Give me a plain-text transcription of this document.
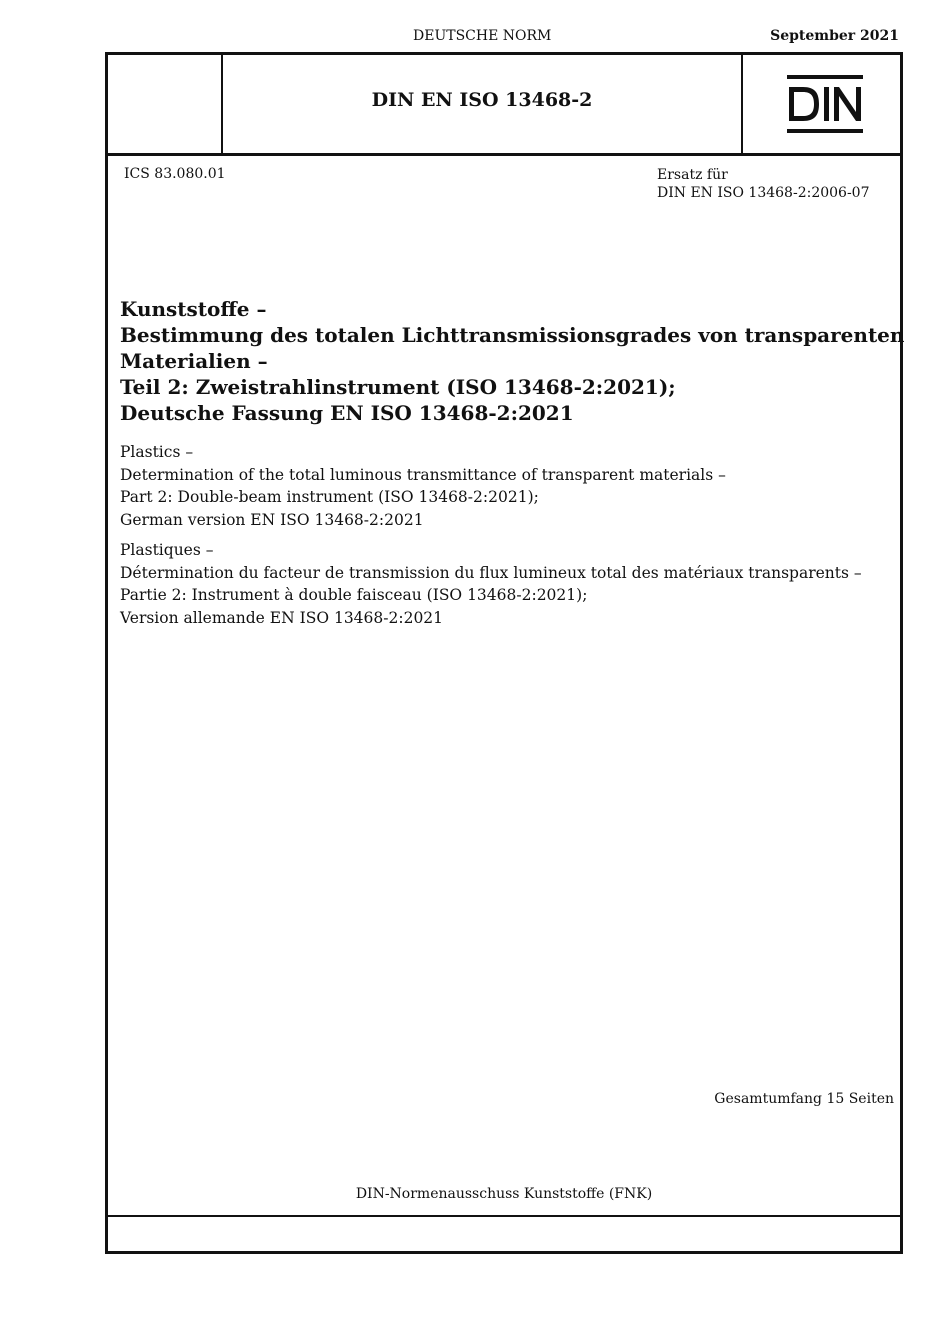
DEUTSCHE NORM	September 2021
DIN EN ISO 13468-2
ICS 83.080.01	Ersatz für
DIN EN ISO 13468-2:2006-07
Kunststoffe –
Bestimmung des totalen Lichttransmissionsgrades von transparenten
Materialien –
Teil 2: Zweistrahlinstrument (ISO 13468-2:2021);
Deutsche Fassung EN ISO 13468-2:2021
Plastics –
Determination of the total luminous transmittance of transparent materials –
Part 2: Double-beam instrument (ISO 13468-2:2021);
German version EN ISO 13468-2:2021
Plastiques –
Détermination du facteur de transmission du flux lumineux total des matériaux transparents –
Partie 2: Instrument à double faisceau (ISO 13468-2:2021);
Version allemande EN ISO 13468-2:2021
Gesamtumfang 15 Seiten
DIN-Normenausschuss Kunststoffe (FNK)
